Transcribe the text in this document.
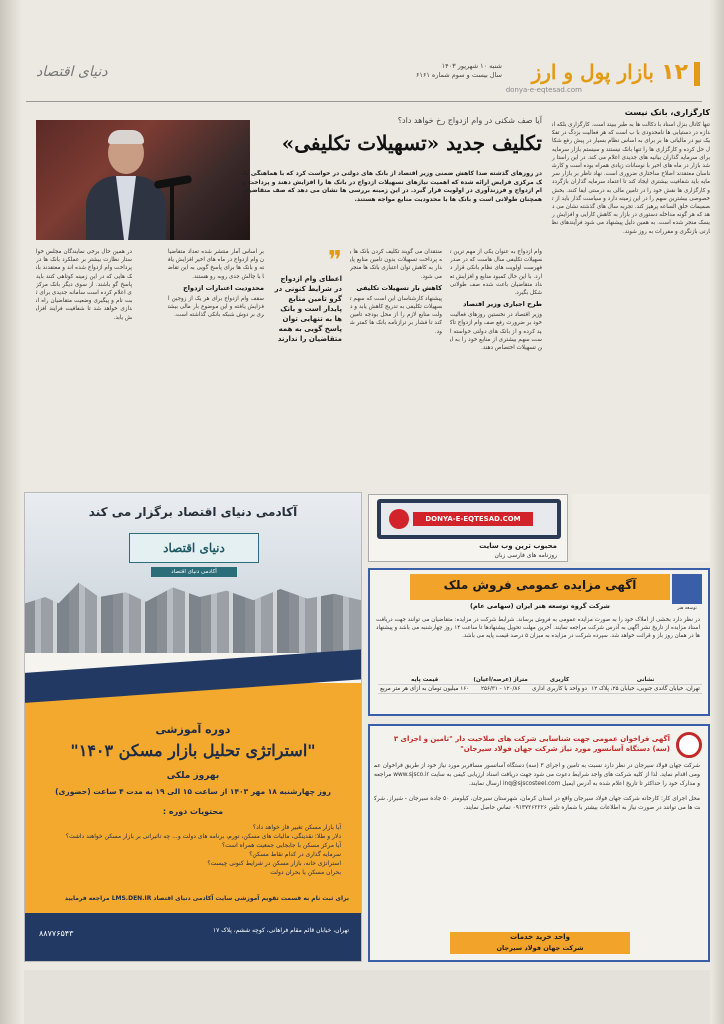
۱۲
بازار پول و ارز
donya-e-eqtesad.com
شنبه ۱۰ شهریور ۱۴۰۳
سال بیست و سوم شماره ۶۱۶۱
دنیای اقتصاد
کارگزاری، بانک نیست
تنها کانال بنزل اسناد با دکالت ها به طبر ببیند است. کارگزاری بلکه اندازه در دستیابی ها نامحدودی با ب است که هر فعالیت بزدگ در تفکیک نیو در مالیاتی ها بر برای به اساس نظام بسیار در پیش رفع شکال حل کرده و کارگزاری ها را تنها بانک نیستند و سیستم بازار سرمایه برای سرمایه گذاران بیانیه های جدیدی اعلام می کند. در این راستا رشد بازار در ماه های اخیر با نوسانات زیادی همراه بوده است و کارشناسان معتقدند اصلاح ساختاری ضروری است. نهاد ناظر بر بازار سرمایه باید شفافیت بیشتری ایجاد کند تا اعتماد سرمایه گذاران بازگردد و کارگزاری ها نقش خود را در تامین مالی به درستی ایفا کنند. بخش خصوصی بیشترین سهم را در این زمینه دارد و سیاست گذار باید از تصمیمات خلق الساعه پرهیز کند. تجربه سال های گذشته نشان می دهد که هر گونه مداخله دستوری در بازار به کاهش کارایی و افزایش ریسک منجر شده است. به همین دلیل پیشنهاد می شود فرآیندهای نظارتی بازنگری و مقررات به روز شوند.
آیا صف شکنی در وام ازدواج رخ خواهد داد؟
تکلیف جدید «تسهیلات تکلیفی»
در روزهای گذشته صدا کاهش ضمنی وزیر اقتصاد از بانک های دولتی در خواست کرد که با هماهنگی بانک مرکزی فرایض ارائه شده که اهمیت نیازهای تسهیلات ازدواج در بانک ها را افزایش دهند و پرداخت وام ازدواج و فرزندآوری در اولویت قرار گیرد. در این زمینه بررسی ها نشان می دهد که صف متقاضیان همچنان طولانی است و بانک ها با محدودیت منابع مواجه هستند.
وام ازدواج به عنوان یکی از مهم ترین تسهیلات تکلیفی سال هاست که در صدر فهرست اولویت های نظام بانکی قرار دارد. با این حال کمبود منابع و افزایش تعداد متقاضیان باعث شده صف طولانی شکل بگیرد.
طرح اجباری وزیر اقتصاد
وزیر اقتصاد در نخستین روزهای فعالیت خود بر ضرورت رفع صف وام ازدواج تاکید کرده و از بانک های دولتی خواسته است سهم بیشتری از منابع خود را به این تسهیلات اختصاص دهند.
منتقدان می گویند تکلیف کردن بانک ها به پرداخت تسهیلات بدون تامین منابع پایدار به کاهش توان اعتباری بانک ها منجر می شود.
کاهش بار تسهیلات تکلیفی
پیشنهاد کارشناسان این است که سهم تسهیلات تکلیفی به تدریج کاهش یابد و دولت منابع لازم را از محل بودجه تامین کند تا فشار بر ترازنامه بانک ها کمتر شود.
❞
اعطای وام ازدواج در شرایط کنونی در گرو تامین منابع پایدار است و بانک ها به تنهایی توان پاسخ گویی به همه متقاضیان را ندارند
بر اساس آمار منتشر شده تعداد متقاضیان وام ازدواج در ماه های اخیر افزایش یافته و بانک ها برای پاسخ گویی به این تقاضا با چالش جدی روبه رو هستند.
محدودیت اعتبارات ازدواج
سقف وام ازدواج برای هر یک از زوجین افزایش یافته و این موضوع بار مالی بیشتری بر دوش شبکه بانکی گذاشته است.
در همین حال برخی نمایندگان مجلس خواستار نظارت بیشتر بر عملکرد بانک ها در پرداخت وام ازدواج شده اند و معتقدند بانک هایی که در این زمینه کوتاهی کنند باید پاسخ گو باشند. از سوی دیگر بانک مرکزی اعلام کرده است سامانه جدیدی برای ثبت نام و پیگیری وضعیت متقاضیان راه اندازی خواهد شد تا شفافیت فرایند افزایش یابد.
آکادمی دنیای اقتصاد برگزار می کند
دنیای اقتصاد
آکادمی دنیای اقتصاد
دوره آموزشی
"استراتژی تحلیل بازار مسکن ۱۴۰۳"
بهروز ملکی
روز چهارشنبه ۱۸ مهر ۱۴۰۳ از ساعت ۱۵ الی ۱۹ به مدت ۴ ساعت (حضوری)
محتویات دوره :
آیا بازار مسکن تغییر فاز خواهد داد؟
دلار و طلا: نقدینگی، مالیات های مسکن، تورم، برنامه های دولت و... چه تاثیراتی بر بازار مسکن خواهند داشت؟
آیا مرکز مسکن با جابجایی جمعیت همراه است؟
سرمایه گذاری در کدام نقاط مسکن؟
استراتژی خانه، بازار مسکن در شرایط کنونی چیست؟
بحران مسکن یا بحران دولت
برای ثبت نام به قسمت تقویم آموزشی سایت آکادمی دنیای اقتصاد LMS.DEN.IR مراجعه فرمایید
تهران، خیابان قائم مقام فراهانی، کوچه ششم، پلاک ۱۷
۸۸۷۷۶۵۴۳
DONYA-E-EQTESAD.COM
محبوب ترین وب سایت
روزنامه های فارسی زبان
آگهی مزایده عمومی فروش ملک
شرکت گروه توسعه هنر ایران (سهامی عام)	توسعه هنر
در نظر دارد بخشی از املاک خود را به صورت مزایده عمومی به فروش برساند. شرایط شرکت در مزایده: متقاضیان می توانند جهت دریافت اسناد مزایده از تاریخ نشر آگهی به آدرس شرکت مراجعه نمایند. آخرین مهلت تحویل پیشنهادها تا ساعت ۱۴ روز چهارشنبه می باشد و پیشنهادها در همان روز باز و قرائت خواهد شد. سپرده شرکت در مزایده به میزان ۵ درصد قیمت پایه می باشد.
نشانی	کاربری	متراژ (عرصه/اعیان)	قیمت پایه
تهران، خیابان گاندی جنوبی، خیابان ۲۵، پلاک ۱۲	دو واحد با کاربری اداری	۱۲۰/۸۶ - ۲۵۶/۳۱	۱۶۰ میلیون تومان به ازای هر متر مربع
آگهی فراخوان عمومی جهت شناسایی شرکت های صلاحیت دار "تامین و اجرای ۳ (سه) دستگاه آسانسور مورد نیاز شرکت جهان فولاد سیرجان"
شرکت جهان فولاد سیرجان در نظر دارد نسبت به تامین و اجرای ۳ (سه) دستگاه آسانسور مسافربر مورد نیاز خود از طریق فراخوان عمومی اقدام نماید. لذا از کلیه شرکت های واجد شرایط دعوت می شود جهت دریافت اسناد ارزیابی کیفی به سایت www.sjsco.ir مراجعه و مدارک خود را حداکثر تا تاریخ اعلام شده به آدرس ایمیل inq@sjscosteel.com ارسال نمایند.
محل اجرای کار: کارخانه شرکت جهان فولاد سیرجان واقع در استان کرمان، شهرستان سیرجان، کیلومتر ۵۰ جاده سیرجان - شیراز. شرکت ها می توانند در صورت نیاز به اطلاعات بیشتر با شماره تلفن ۰۹۱۳۷۲۶۲۲۲۶ تماس حاصل نمایند.
واحد خرید خدمات
شرکت جهان فولاد سیرجان
